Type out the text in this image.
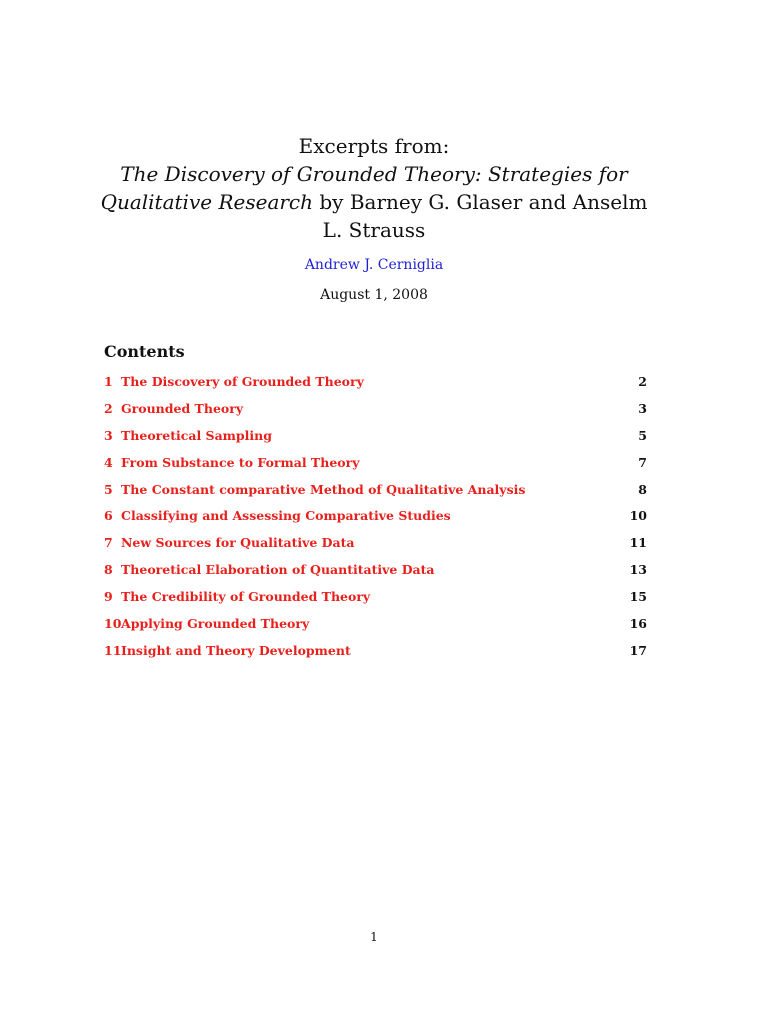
Excerpts from:
The Discovery of Grounded Theory: Strategies for Qualitative Research by Barney G. Glaser and Anselm L. Strauss
Andrew J. Cerniglia
August 1, 2008
Contents
1 The Discovery of Grounded Theory	2
2 Grounded Theory	3
3 Theoretical Sampling	5
4 From Substance to Formal Theory	7
5 The Constant comparative Method of Qualitative Analysis	8
6 Classifying and Assessing Comparative Studies	10
7 New Sources for Qualitative Data	11
8 Theoretical Elaboration of Quantitative Data	13
9 The Credibility of Grounded Theory	15
10 Applying Grounded Theory	16
11 Insight and Theory Development	17
1
